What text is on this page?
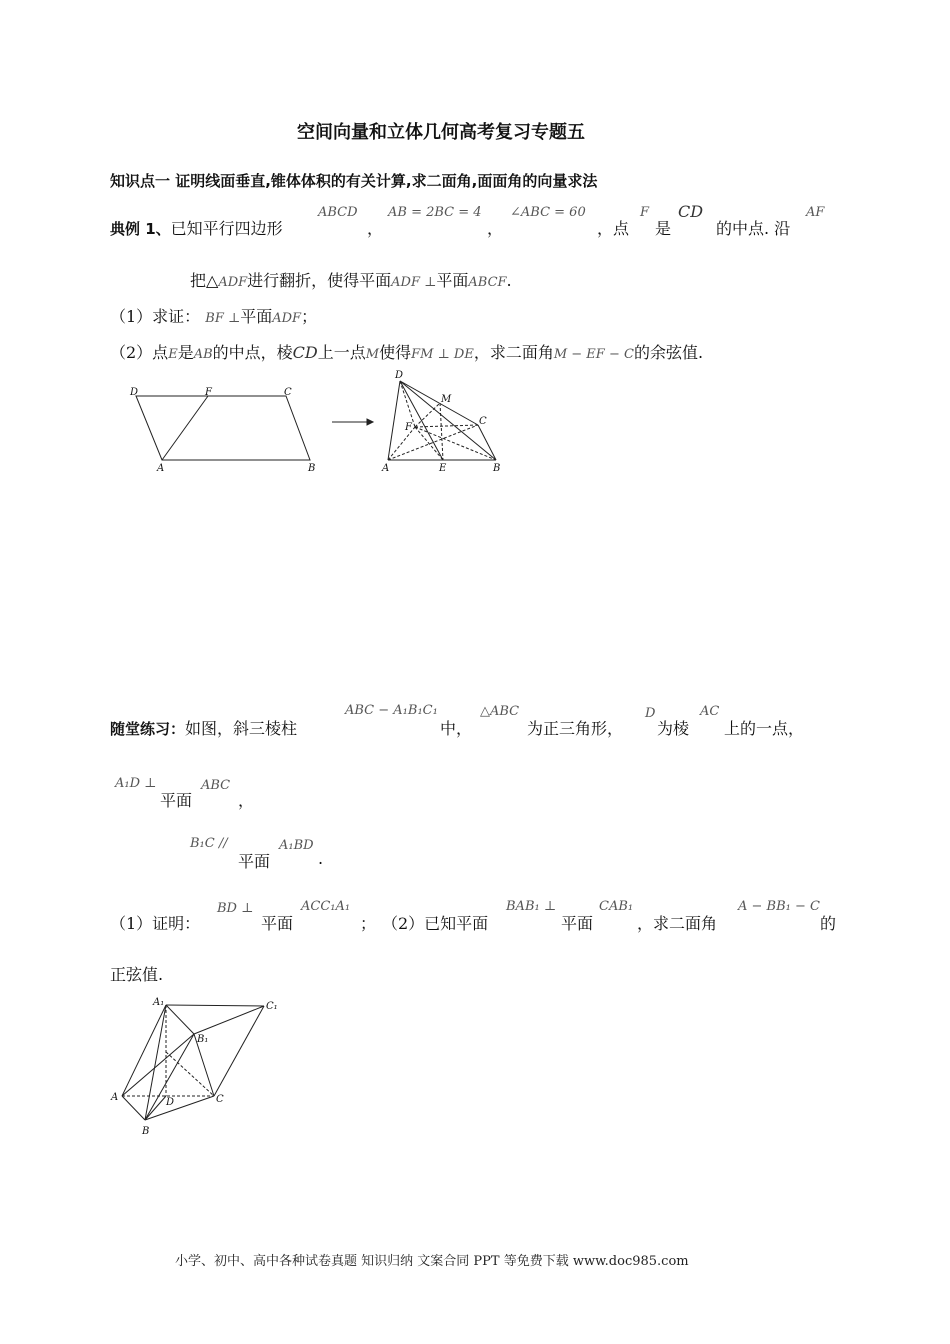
空间向量和立体几何高考复习专题五
知识点一 证明线面垂直,锥体体积的有关计算,求二面角,面面角的向量求法
典例 1、已知平行四边形
ABCD
，
AB = 2BC = 4
，
∠ABC = 60
，点
F
是
CD
的中点. 沿
AF
把△ADF进行翻折，使得平面ADF ⊥平面ABCF.
（1）求证： BF ⊥平面ADF；
（2）点E是AB的中点，棱CD上一点M使得FM ⊥ DE，求二面角M − EF − C的余弦值.
D	F	C
A	B
D
M
F
C
A	E	B
随堂练习：如图，斜三棱柱
ABC − A₁B₁C₁
中，
△ABC
为正三角形，
D
为棱
AC
上的一点，
A₁D ⊥
平面
ABC
，
B₁C //
平面
A₁BD
.
（1）证明：
BD ⊥
平面
ACC₁A₁
； （2）已知平面
BAB₁ ⊥
平面
CAB₁
，求二面角
A − BB₁ − C
的
正弦值.
A₁	C₁
B₁
A	D	C
B
小学、初中、高中各种试卷真题 知识归纳 文案合同 PPT 等免费下载 www.doc985.com
